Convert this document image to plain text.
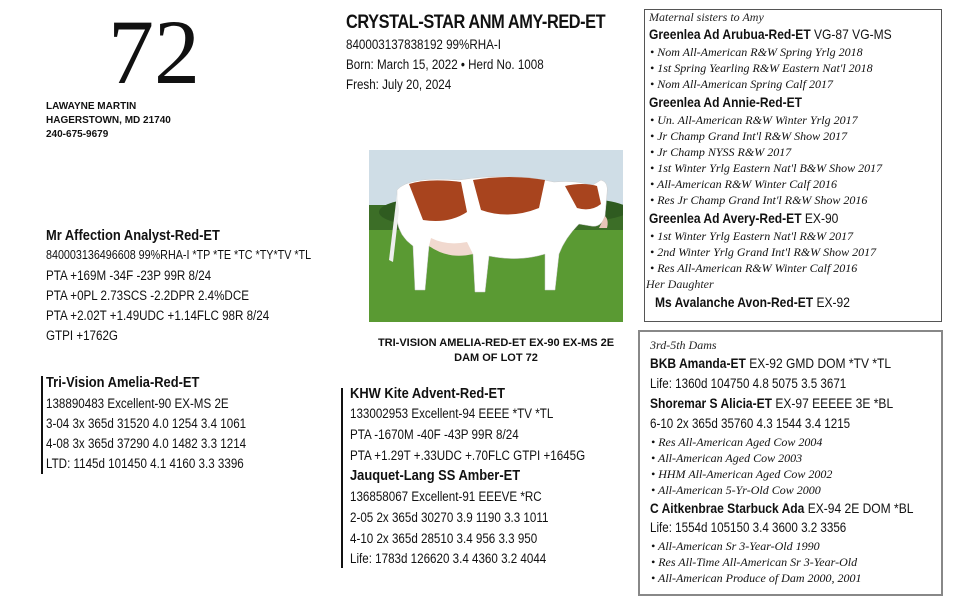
72
LAWAYNE MARTIN
HAGERSTOWN, MD 21740
240-675-9679
CRYSTAL-STAR ANM AMY-RED-ET
840003137838192 99%RHA-I
Born: March 15, 2022 • Herd No. 1008
Fresh: July 20, 2024
TRI-VISION AMELIA-RED-ET EX-90 EX-MS 2E
DAM OF LOT 72
Mr Affection Analyst-Red-ET
840003136496608 99%RHA-I *TP *TE *TC *TY*TV *TL
PTA +169M -34F -23P 99R 8/24
PTA +0PL 2.73SCS -2.2DPR 2.4%DCE
PTA +2.02T +1.49UDC +1.14FLC 98R 8/24
GTPI +1762G
Tri-Vision Amelia-Red-ET
138890483 Excellent-90 EX-MS 2E
3-04 3x 365d 31520 4.0 1254 3.4 1061
4-08 3x 365d 37290 4.0 1482 3.3 1214
LTD: 1145d 101450 4.1 4160 3.3 3396
KHW Kite Advent-Red-ET
133002953 Excellent-94 EEEE *TV *TL
PTA -1670M -40F -43P 99R 8/24
PTA +1.29T +.33UDC +.70FLC GTPI +1645G
Jauquet-Lang SS Amber-ET
136858067 Excellent-91 EEEVE *RC
2-05 2x 365d 30270 3.9 1190 3.3 1011
4-10 2x 365d 28510 3.4 956 3.3 950
Life: 1783d 126620 3.4 4360 3.2 4044
Maternal sisters to Amy
Greenlea Ad Arubua-Red-ET VG-87 VG-MS
• Nom All-American R&W Spring Yrlg 2018
• 1st Spring Yearling R&W Eastern Nat'l 2018
• Nom All-American Spring Calf 2017
Greenlea Ad Annie-Red-ET
• Un. All-American R&W Winter Yrlg 2017
• Jr Champ Grand Int'l R&W Show 2017
• Jr Champ NYSS R&W 2017
• 1st Winter Yrlg Eastern Nat'l B&W Show 2017
• All-American R&W Winter Calf 2016
• Res Jr Champ Grand Int'l R&W Show 2016
Greenlea Ad Avery-Red-ET EX-90
• 1st Winter Yrlg Eastern Nat'l R&W 2017
• 2nd Winter Yrlg Grand Int'l R&W Show 2017
• Res All-American R&W Winter Calf 2016
Her Daughter
Ms Avalanche Avon-Red-ET EX-92
3rd-5th Dams
BKB Amanda-ET EX-92 GMD DOM *TV *TL
Life: 1360d 104750 4.8 5075 3.5 3671
Shoremar S Alicia-ET EX-97 EEEEE 3E *BL
6-10 2x 365d 35760 4.3 1544 3.4 1215
• Res All-American Aged Cow 2004
• All-American Aged Cow 2003
• HHM All-American Aged Cow 2002
• All-American 5-Yr-Old Cow 2000
C Aitkenbrae Starbuck Ada EX-94 2E DOM *BL
Life: 1554d 105150 3.4 3600 3.2 3356
• All-American Sr 3-Year-Old 1990
• Res All-Time All-American Sr 3-Year-Old
• All-American Produce of Dam 2000, 2001
